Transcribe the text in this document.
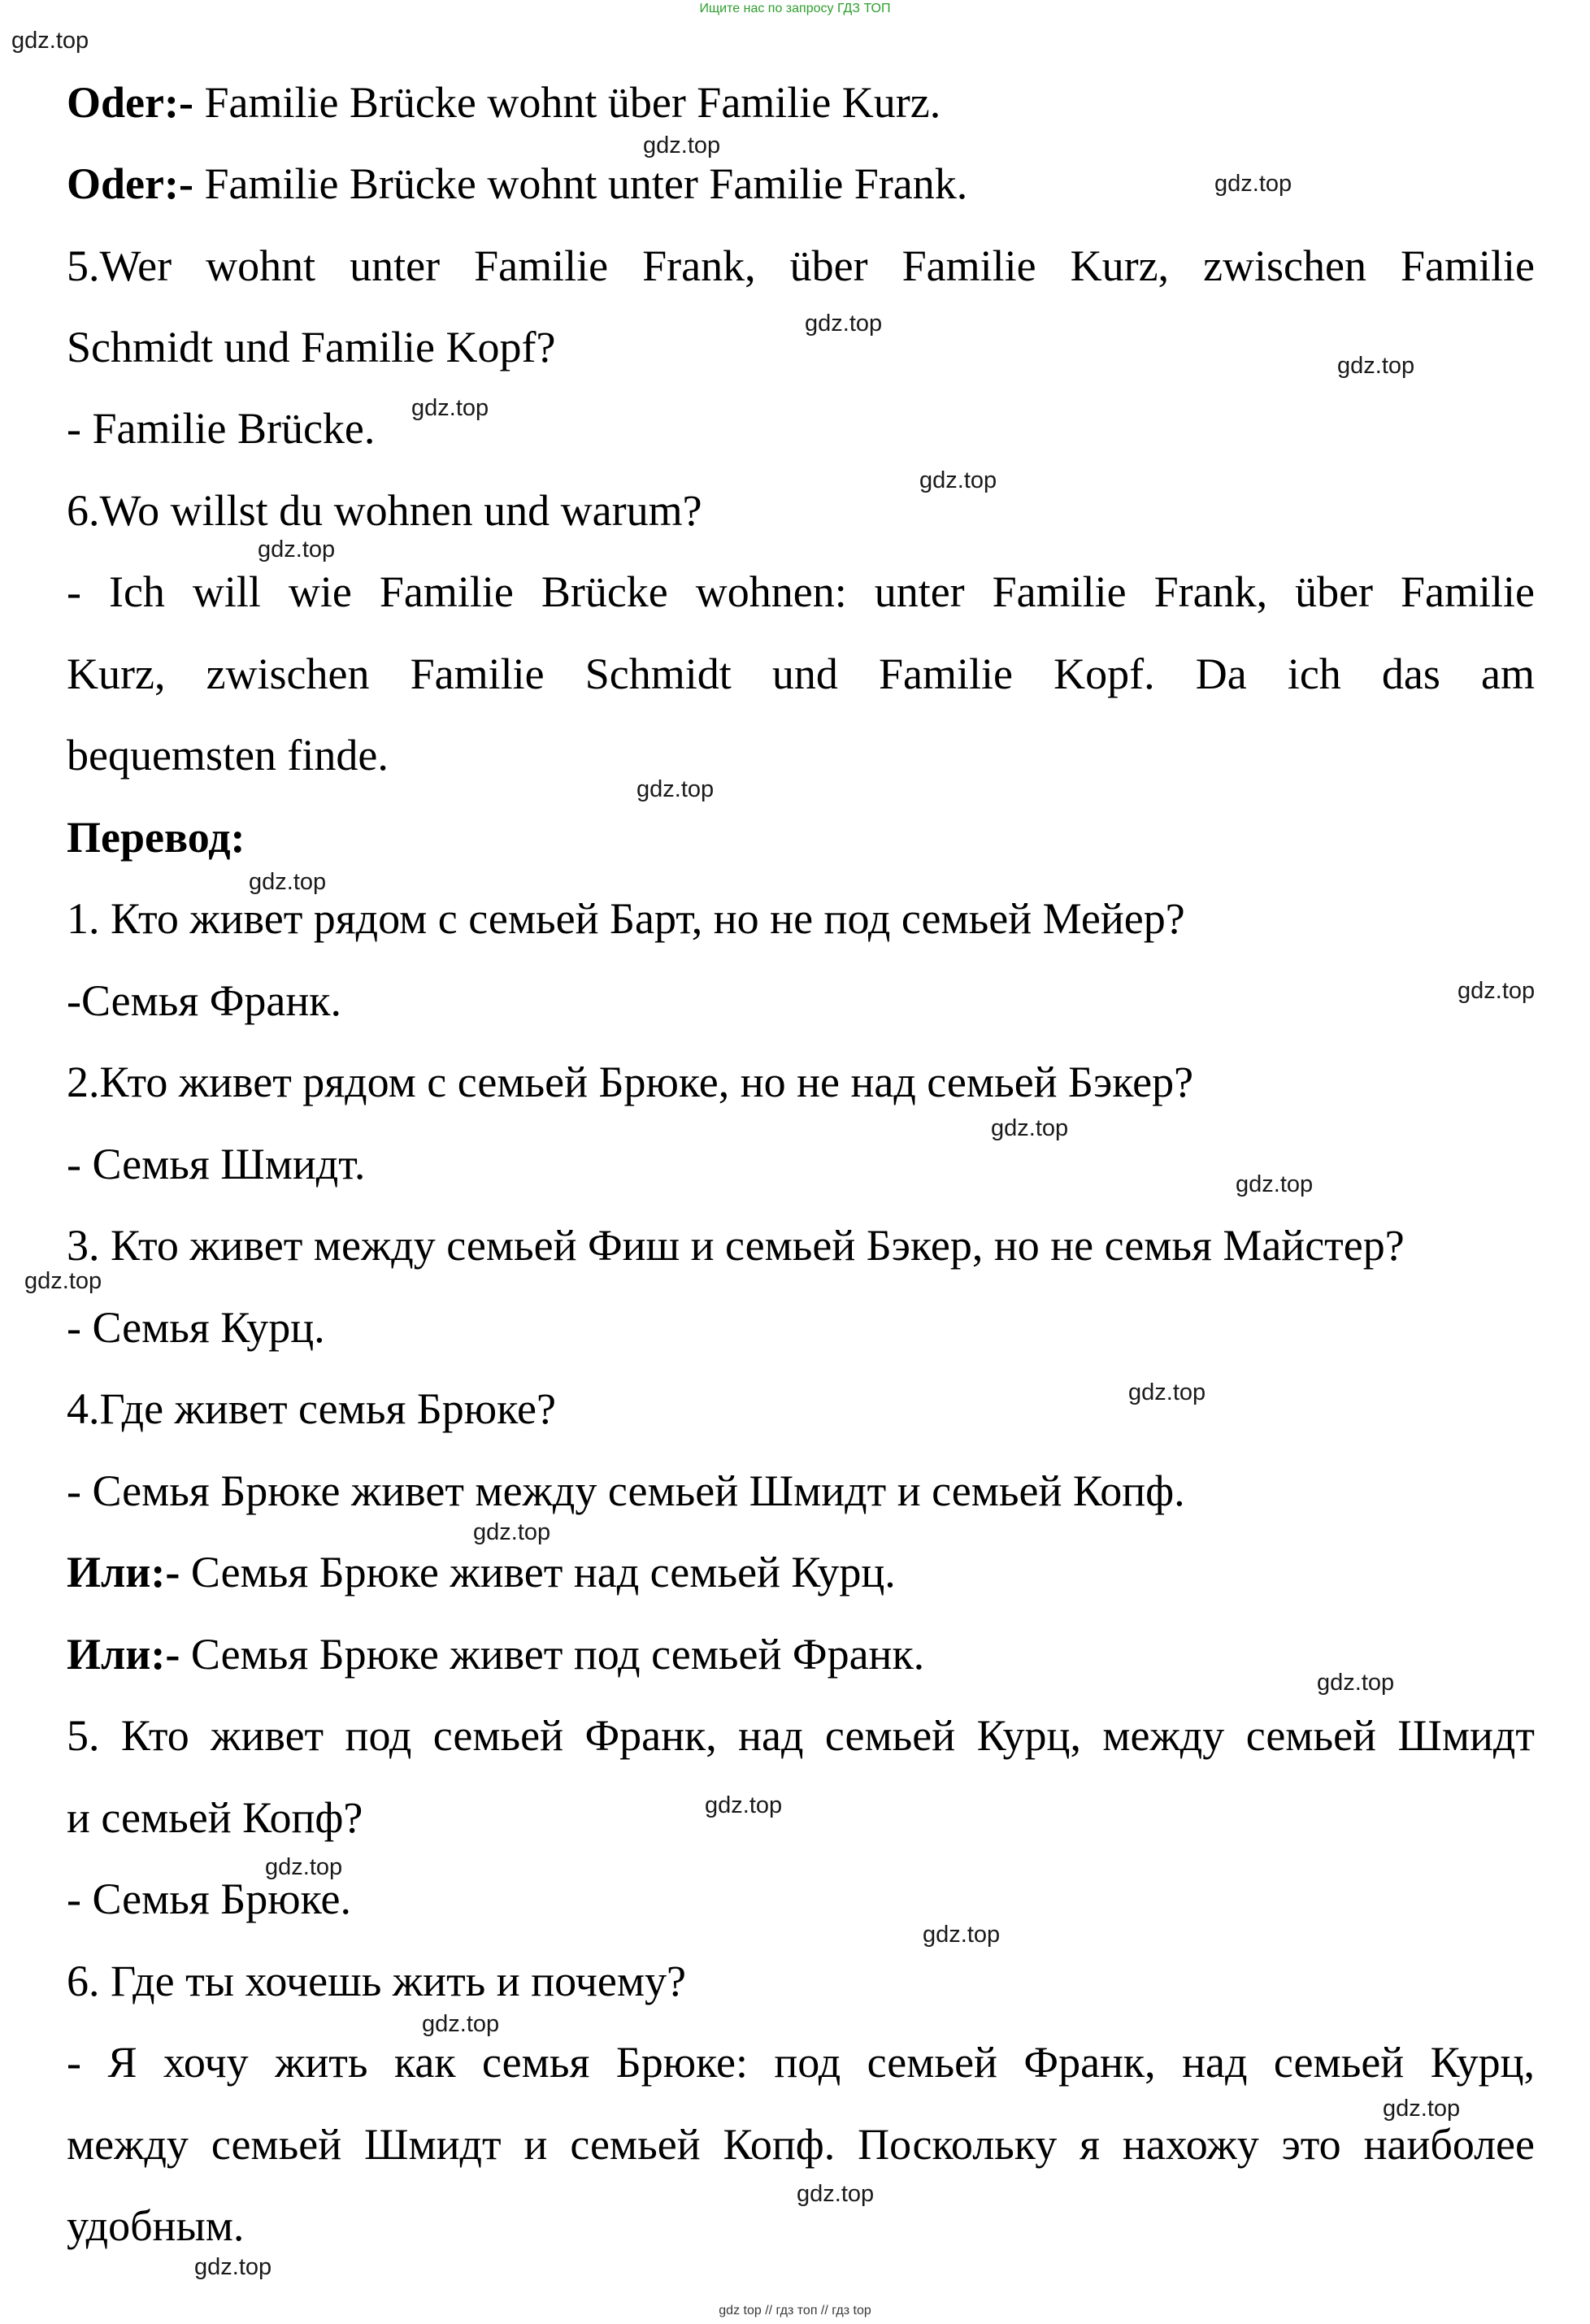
Ищите нас по запросу ГДЗ ТОП
Oder:- Familie Brücke wohnt über Familie Kurz.
Oder:- Familie Brücke wohnt unter Familie Frank.
5.Wer wohnt unter Familie Frank, über Familie Kurz, zwischen Familie
Schmidt und Familie Kopf?
- Familie Brücke.
6.Wo willst du wohnen und warum?
- Ich will wie Familie Brücke wohnen: unter Familie Frank, über Familie
Kurz, zwischen Familie Schmidt und Familie Kopf. Da ich das am
bequemsten finde.
Перевод:
1. Кто живет рядом с семьей Барт, но не под семьей Мейер?
-Семья Франк.
2.Кто живет рядом с семьей Брюке, но не над семьей Бэкер?
- Семья Шмидт.
3. Кто живет между семьей Фиш и семьей Бэкер, но не семья Майстер?
- Семья Курц.
4.Где живет семья Брюке?
- Семья Брюке живет между семьей Шмидт и семьей Копф.
Или:- Семья Брюке живет над семьей Курц.
Или:- Семья Брюке живет под семьей Франк.
5. Кто живет под семьей Франк, над семьей Курц, между семьей Шмидт
и семьей Копф?
- Семья Брюке.
6. Где ты хочешь жить и почему?
- Я хочу жить как семья Брюке: под семьей Франк, над семьей Курц,
между семьей Шмидт и семьей Копф. Поскольку я нахожу это наиболее
удобным.
gdz.top
gdz.top
gdz.top
gdz.top
gdz.top
gdz.top
gdz.top
gdz.top
gdz.top
gdz.top
gdz.top
gdz.top
gdz.top
gdz.top
gdz.top
gdz.top
gdz.top
gdz.top
gdz.top
gdz.top
gdz.top
gdz.top
gdz.top
gdz.top
gdz top // гдз топ // гдз top
